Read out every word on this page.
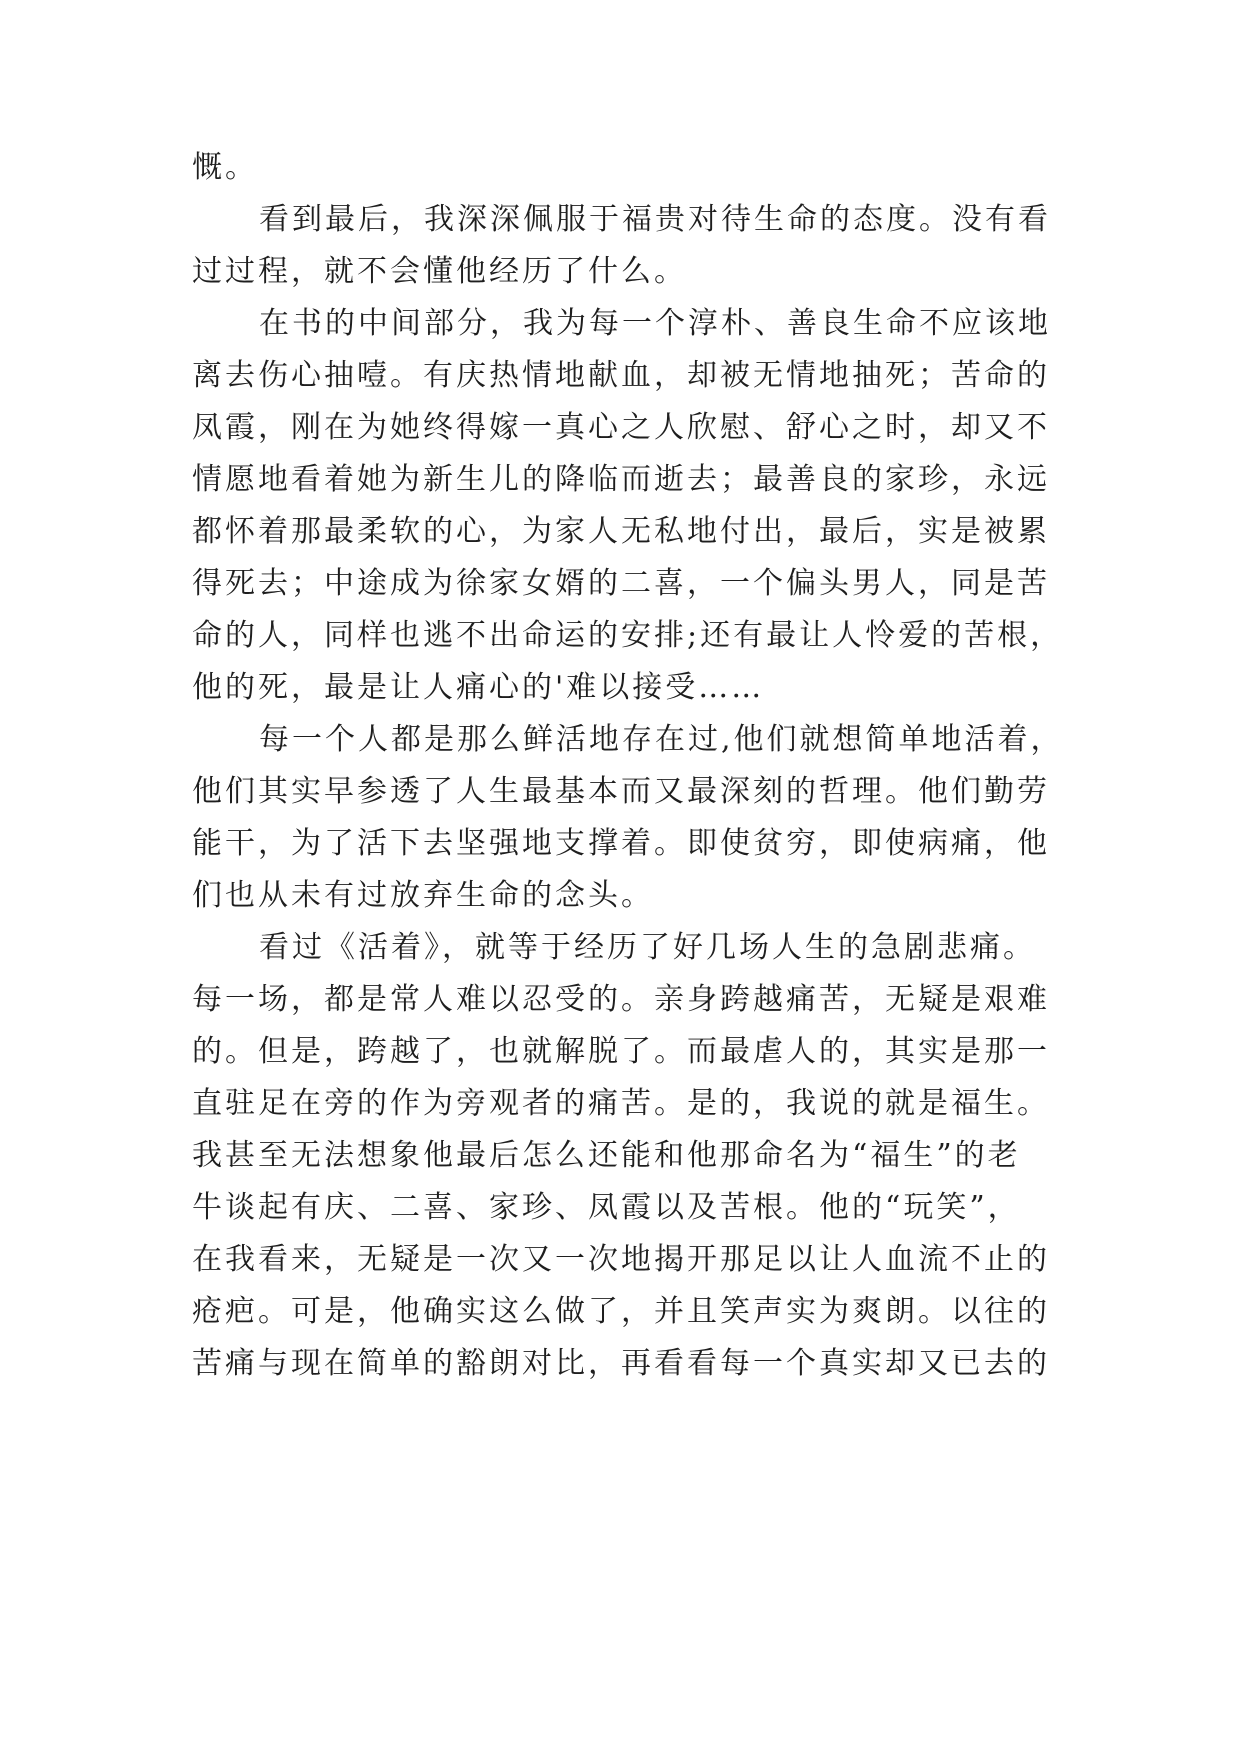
慨。

看到最后，我深深佩服于福贵对待生命的态度。没有看

过过程，就不会懂他经历了什么。

在书的中间部分，我为每一个淳朴、善良生命不应该地

离去伤心抽噎。有庆热情地献血，却被无情地抽死；苦命的

凤霞，刚在为她终得嫁一真心之人欣慰、舒心之时，却又不

情愿地看着她为新生儿的降临而逝去；最善良的家珍，永远

都怀着那最柔软的心，为家人无私地付出，最后，实是被累

得死去；中途成为徐家女婿的二喜，一个偏头男人，同是苦

命的人，同样也逃不出命运的安排;还有最让人怜爱的苦根，

他的死，最是让人痛心的'难以接受……

每一个人都是那么鲜活地存在过,他们就想简单地活着，

他们其实早参透了人生最基本而又最深刻的哲理。他们勤劳

能干，为了活下去坚强地支撑着。即使贫穷，即使病痛，他

们也从未有过放弃生命的念头。

看过《活着》，就等于经历了好几场人生的急剧悲痛。

每一场，都是常人难以忍受的。亲身跨越痛苦，无疑是艰难

的。但是，跨越了，也就解脱了。而最虐人的，其实是那一

直驻足在旁的作为旁观者的痛苦。是的，我说的就是福生。

我甚至无法想象他最后怎么还能和他那命名为“福生”的老

牛谈起有庆、二喜、家珍、凤霞以及苦根。他的“玩笑”，

在我看来，无疑是一次又一次地揭开那足以让人血流不止的

疮疤。可是，他确实这么做了，并且笑声实为爽朗。以往的

苦痛与现在简单的豁朗对比，再看看每一个真实却又已去的
